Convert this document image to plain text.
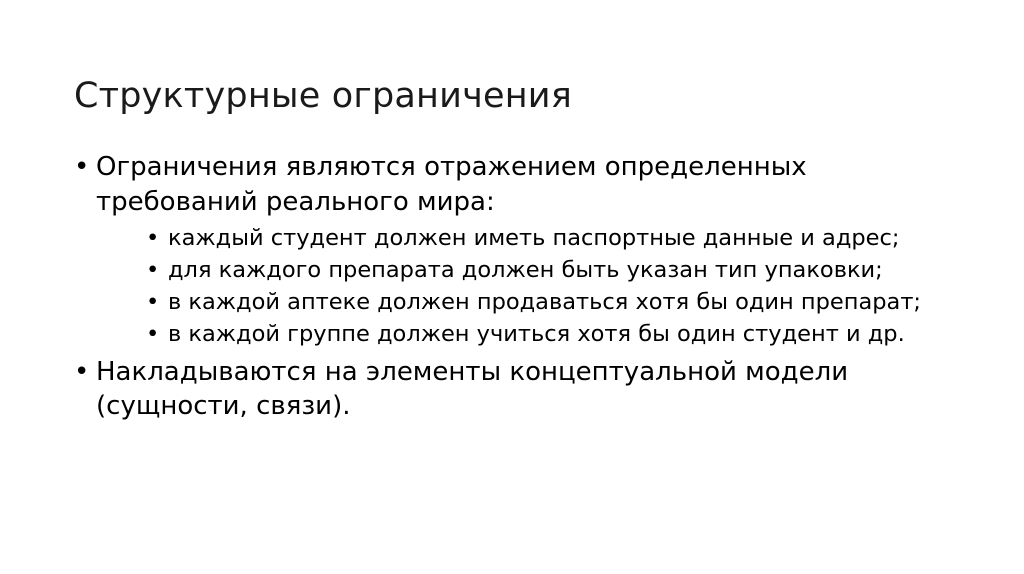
Структурные ограничения
• Ограничения являются отражением определенных требований реального мира:
• каждый студент должен иметь паспортные данные и адрес;
• для каждого препарата должен быть указан тип упаковки;
• в каждой аптеке должен продаваться хотя бы один препарат;
• в каждой группе должен учиться хотя бы один студент и др.
• Накладываются на элементы концептуальной модели (сущности, связи).
